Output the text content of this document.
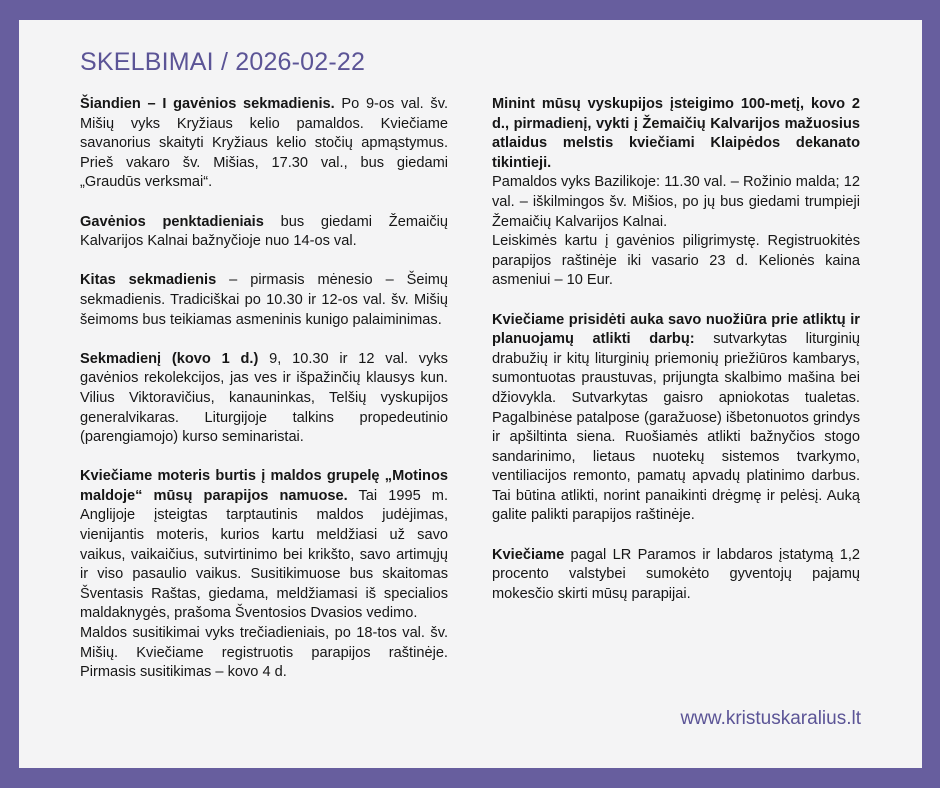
SKELBIMAI / 2026-02-22

Šiandien – I gavėnios sekmadienis. Po 9-os val. šv. Mišių vyks Kryžiaus kelio pamaldos. Kviečiame savanorius skaityti Kryžiaus kelio stočių apmąstymus. Prieš vakaro šv. Mišias, 17.30 val., bus giedami „Graudūs verksmai“.

Gavėnios penktadieniais bus giedami Žemaičių Kalvarijos Kalnai bažnyčioje nuo 14-os val.

Kitas sekmadienis – pirmasis mėnesio – Šeimų sekmadienis. Tradiciškai po 10.30 ir 12-os val. šv. Mišių šeimoms bus teikiamas asmeninis kunigo palaiminimas.

Sekmadienį (kovo 1 d.) 9, 10.30 ir 12 val. vyks gavėnios rekolekcijos, jas ves ir išpažinčių klausys kun. Vilius Viktoravičius, kanauninkas, Telšių vyskupijos generalvikaras. Liturgijoje talkins propedeutinio (parengiamojo) kurso seminaristai.

Kviečiame moteris burtis į maldos grupelę „Motinos maldoje“ mūsų parapijos namuose. Tai 1995 m. Anglijoje įsteigtas tarptautinis maldos judėjimas, vienijantis moteris, kurios kartu meldžiasi už savo vaikus, vaikaičius, sutvirtinimo bei krikšto, savo artimųjų ir viso pasaulio vaikus. Susitikimuose bus skaitomas Šventasis Raštas, giedama, meldžiamasi iš specialios maldaknygės, prašoma Šventosios Dvasios vedimo.

Maldos susitikimai vyks trečiadieniais, po 18-tos val. šv. Mišių. Kviečiame registruotis parapijos raštinėje. Pirmasis susitikimas – kovo 4 d.

Minint mūsų vyskupijos įsteigimo 100-metį, kovo 2 d., pirmadienį, vykti į Žemaičių Kalvarijos mažuosius atlaidus melstis kviečiami Klaipėdos dekanato tikintieji.

Pamaldos vyks Bazilikoje: 11.30 val. – Rožinio malda; 12 val. – iškilmingos šv. Mišios, po jų bus giedami trumpieji Žemaičių Kalvarijos Kalnai.

Leiskimės kartu į gavėnios piligrimystę. Registruokitės parapijos raštinėje iki vasario 23 d. Kelionės kaina asmeniui – 10 Eur.

Kviečiame prisidėti auka savo nuožiūra prie atliktų ir planuojamų atlikti darbų: sutvarkytas liturginių drabužių ir kitų liturginių priemonių priežiūros kambarys, sumontuotas praustuvas, prijungta skalbimo mašina bei džiovykla. Sutvarkytas gaisro apniokotas tualetas. Pagalbinėse patalpose (garažuose) išbetonuotos grindys ir apšiltinta siena. Ruošiamės atlikti bažnyčios stogo sandarinimo, lietaus nuotekų sistemos tvarkymo, ventiliacijos remonto, pamatų apvadų platinimo darbus. Tai būtina atlikti, norint panaikinti drėgmę ir pelėsį. Auką galite palikti parapijos raštinėje.

Kviečiame pagal LR Paramos ir labdaros įstatymą 1,2 procento valstybei sumokėto gyventojų pajamų mokesčio skirti mūsų parapijai.

www.kristuskaralius.lt
